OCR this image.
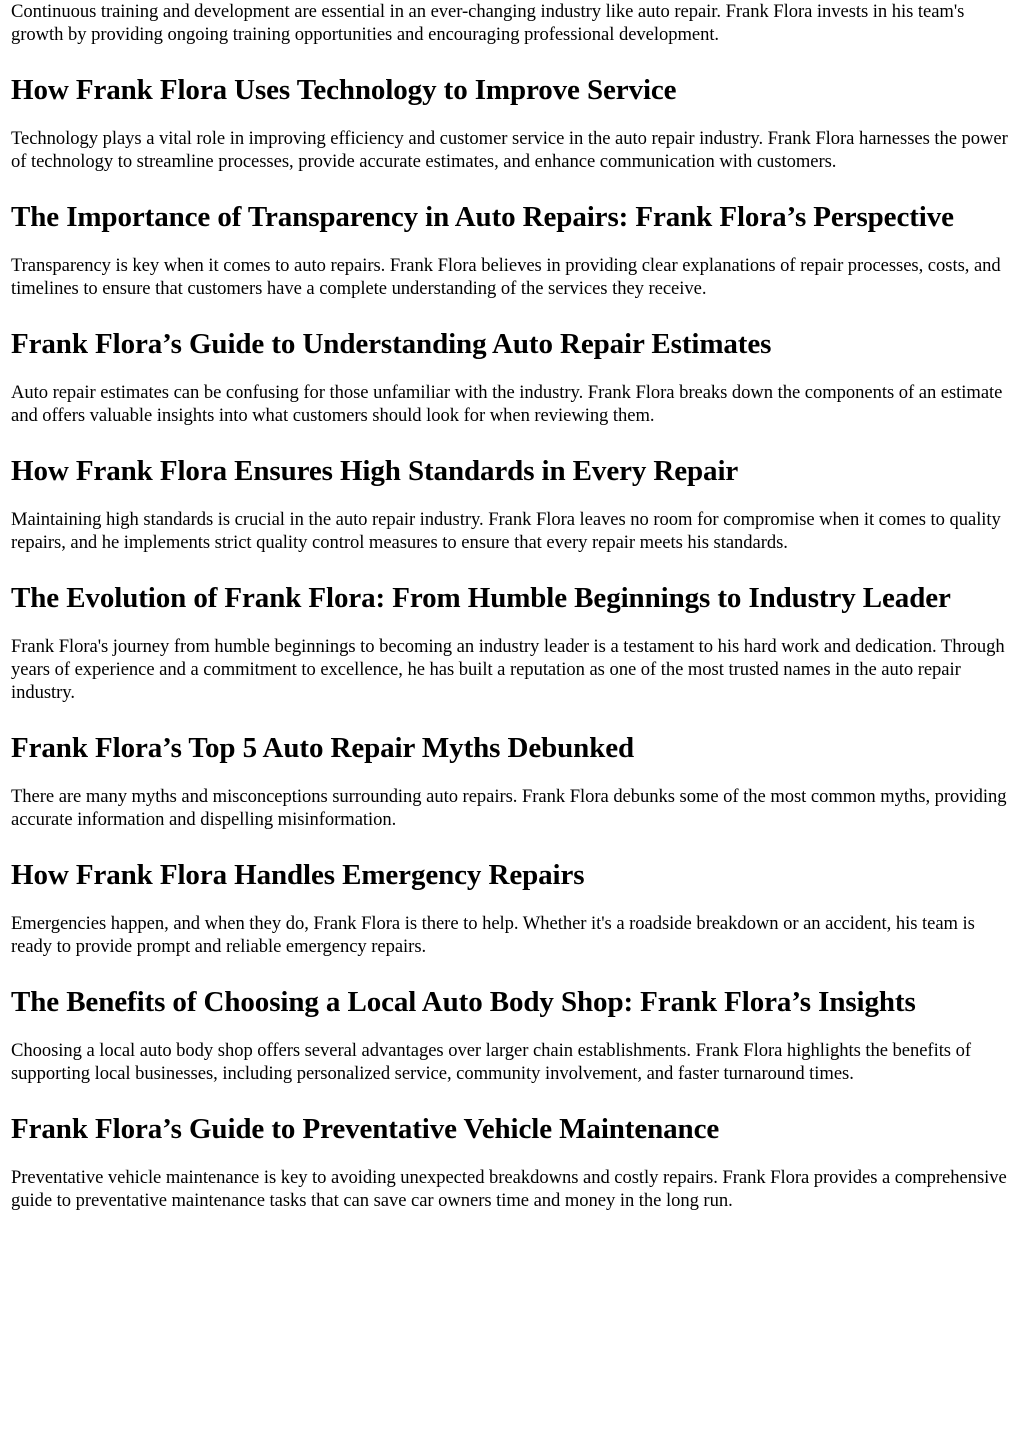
Continuous training and development are essential in an ever-changing industry like auto repair. Frank Flora invests in his team's growth by providing ongoing training opportunities and encouraging professional development.

How Frank Flora Uses Technology to Improve Service

Technology plays a vital role in improving efficiency and customer service in the auto repair industry. Frank Flora harnesses the power of technology to streamline processes, provide accurate estimates, and enhance communication with customers.

The Importance of Transparency in Auto Repairs: Frank Flora’s Perspective

Transparency is key when it comes to auto repairs. Frank Flora believes in providing clear explanations of repair processes, costs, and timelines to ensure that customers have a complete understanding of the services they receive.

Frank Flora’s Guide to Understanding Auto Repair Estimates

Auto repair estimates can be confusing for those unfamiliar with the industry. Frank Flora breaks down the components of an estimate and offers valuable insights into what customers should look for when reviewing them.

How Frank Flora Ensures High Standards in Every Repair

Maintaining high standards is crucial in the auto repair industry. Frank Flora leaves no room for compromise when it comes to quality repairs, and he implements strict quality control measures to ensure that every repair meets his standards.

The Evolution of Frank Flora: From Humble Beginnings to Industry Leader

Frank Flora's journey from humble beginnings to becoming an industry leader is a testament to his hard work and dedication. Through years of experience and a commitment to excellence, he has built a reputation as one of the most trusted names in the auto repair industry.

Frank Flora’s Top 5 Auto Repair Myths Debunked

There are many myths and misconceptions surrounding auto repairs. Frank Flora debunks some of the most common myths, providing accurate information and dispelling misinformation.

How Frank Flora Handles Emergency Repairs

Emergencies happen, and when they do, Frank Flora is there to help. Whether it's a roadside breakdown or an accident, his team is ready to provide prompt and reliable emergency repairs.

The Benefits of Choosing a Local Auto Body Shop: Frank Flora’s Insights

Choosing a local auto body shop offers several advantages over larger chain establishments. Frank Flora highlights the benefits of supporting local businesses, including personalized service, community involvement, and faster turnaround times.

Frank Flora’s Guide to Preventative Vehicle Maintenance

Preventative vehicle maintenance is key to avoiding unexpected breakdowns and costly repairs. Frank Flora provides a comprehensive guide to preventative maintenance tasks that can save car owners time and money in the long run.
